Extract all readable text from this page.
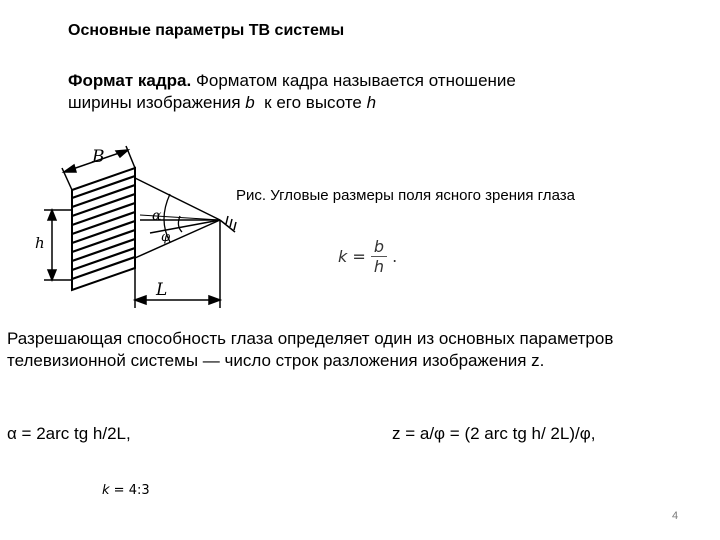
Основные параметры ТВ системы
Формат кадра. Форматом кадра называется отношение
ширины изображения b  к его высоте h
B
h
α
φ
L
Рис. Угловые размеры поля ясного зрения глаза
$k = \frac{b}{h}$ .
Разрешающая способность глаза определяет один из основных параметров телевизионной системы — число строк разложения изображения z.
α = 2arc tg h/2L,	z = a/φ = (2 arc tg h/ 2L)/φ,
k = 4:3
4
